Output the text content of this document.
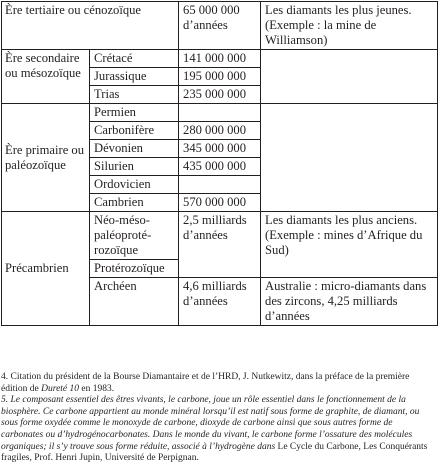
Ère tertiaire ou cénozoïque		65 000 000 d’années	Les diamants les plus jeunes. (Exemple : la mine de Williamson)
Ère secondaire ou mésozoïque	Crétacé	141 000 000	
	Jurassique	195 000 000	
	Trias	235 000 000	
Ère primaire ou paléozoïque	Permien		
	Carbonifère	280 000 000	
	Dévonien	345 000 000	
	Silurien	435 000 000	
	Ordovicien		
	Cambrien	570 000 000	
Précambrien	Néo-méso-paléoproté-rozoïque	2,5 milliards d’années	Les diamants les plus anciens. (Exemple : mines d’Afrique du Sud)
	Protérozoïque		
	Archéen	4,6 milliards d’années	Australie : micro-diamants dans des zircons, 4,25 milliards d’années

4. Citation du président de la Bourse Diamantaire et de l’HRD, J. Nutkewitz, dans la préface de la première édition de Dureté 10 en 1983.

5. Le composant essentiel des êtres vivants, le carbone, joue un rôle essentiel dans le fonctionnement de la biosphère. Ce carbone appartient au monde minéral lorsqu’il est natif sous forme de graphite, de diamant, ou sous forme oxydée comme le monoxyde de carbone, dioxyde de carbone ainsi que sous autres forme de carbonates ou d’hydrogénocarbonates. Dans le monde du vivant, le carbone forme l’ossature des molécules organiques; il s’y trouve sous forme réduite, associé à l’hydrogène dans Le Cycle du Carbone, Les Conquérants fragiles, Prof. Henri Jupin, Université de Perpignan.
